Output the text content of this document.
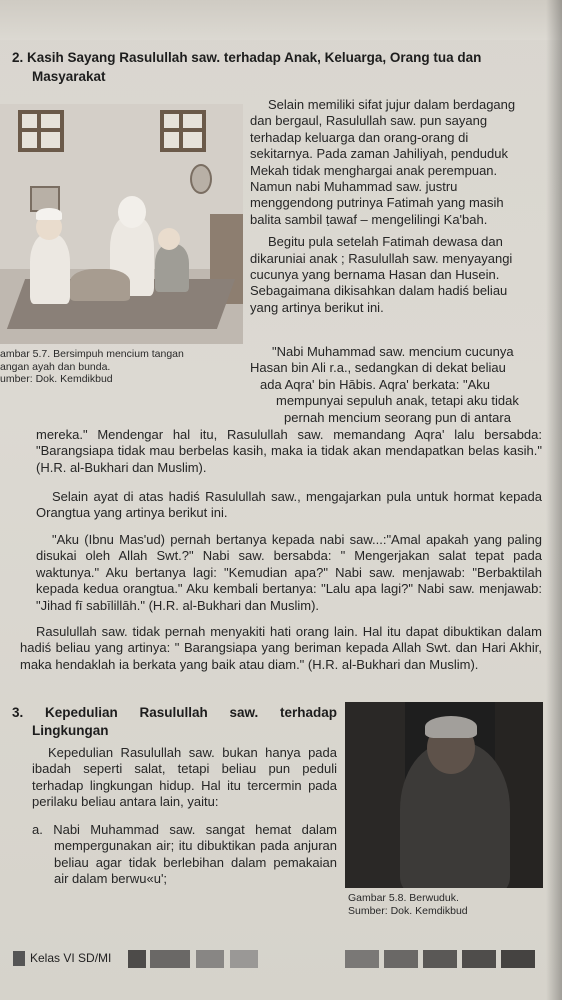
2. Kasih Sayang Rasulullah saw. terhadap Anak, Keluarga, Orang tua dan
Masyarakat
ambar 5.7. Bersimpuh mencium tangan
angan ayah dan bunda.
umber: Dok. Kemdikbud
Selain memiliki sifat jujur dalam berdagang
dan bergaul, Rasulullah saw. pun sayang
terhadap keluarga dan orang-orang di
sekitarnya. Pada zaman Jahiliyah, penduduk
Mekah tidak menghargai anak perempuan.
Namun nabi Muhammad saw. justru
menggendong putrinya Fatimah yang masih
balita sambil ṭawaf – mengelilingi Ka'bah.
Begitu pula setelah Fatimah dewasa dan
dikaruniai anak ; Rasulullah saw. menyayangi
cucunya yang bernama Hasan dan Husein.
Sebagaimana dikisahkan dalam hadiś beliau
yang artinya berikut ini.
"Nabi Muhammad saw. mencium cucunya
Hasan bin Ali r.a., sedangkan di dekat beliau
ada Aqra' bin Hābis. Aqra' berkata: "Aku
mempunyai sepuluh anak, tetapi aku tidak
pernah mencium seorang pun di antara
mereka." Mendengar hal itu, Rasulullah saw. memandang Aqra' lalu bersabda: "Barangsiapa tidak mau berbelas kasih, maka ia tidak akan mendapatkan belas kasih." (H.R. al-Bukhari dan Muslim).
Selain ayat di atas hadiś Rasulullah saw., mengajarkan pula untuk hormat kepada Orangtua yang artinya berikut ini.
"Aku (Ibnu Mas'ud) pernah bertanya kepada nabi saw...:"Amal apakah yang paling disukai oleh Allah Swt.?" Nabi saw. bersabda: " Mengerjakan salat tepat pada waktunya." Aku bertanya lagi: "Kemudian apa?" Nabi saw. menjawab: "Berbaktilah kepada kedua orangtua." Aku kembali bertanya: "Lalu apa lagi?" Nabi saw. menjawab: "Jihad fī sabīlillāh." (H.R. al-Bukhari dan Muslim).
Rasulullah saw. tidak pernah menyakiti hati orang lain. Hal itu dapat dibuktikan dalam hadiś beliau yang artinya: " Barangsiapa yang beriman kepada Allah Swt. dan Hari Akhir, maka hendaklah ia berkata yang baik atau diam." (H.R. al-Bukhari dan Muslim).
3. Kepedulian Rasulullah saw. terhadap
Lingkungan
Kepedulian Rasulullah saw. bukan hanya pada ibadah seperti salat, tetapi beliau pun peduli terhadap lingkungan hidup. Hal itu tercermin pada perilaku beliau antara lain, yaitu:
a. Nabi Muhammad saw. sangat hemat dalam mempergunakan air; itu dibuktikan pada anjuran beliau agar tidak berlebihan dalam pemakaian air dalam berwu«u';
Gambar 5.8. Berwuduk.
Sumber: Dok. Kemdikbud
Kelas VI SD/MI
